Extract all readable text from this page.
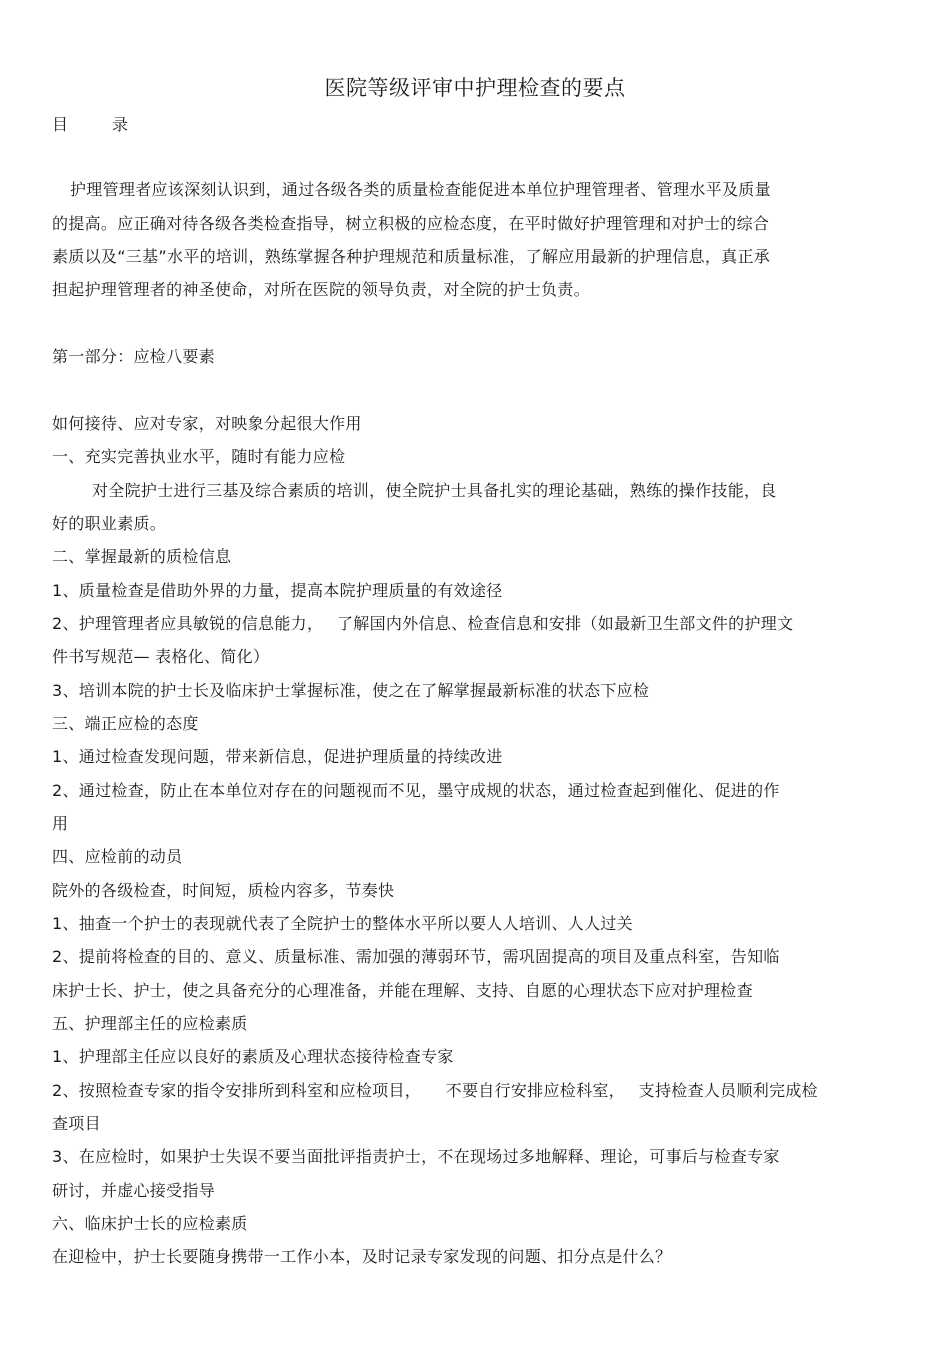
医院等级评审中护理检查的要点
目	录
护理管理者应该深刻认识到，通过各级各类的质量检查能促进本单位护理管理者、管理水平及质量
的提高。应正确对待各级各类检查指导，树立积极的应检态度，在平时做好护理管理和对护士的综合
素质以及“三基”水平的培训，熟练掌握各种护理规范和质量标准，了解应用最新的护理信息，真正承
担起护理管理者的神圣使命，对所在医院的领导负责，对全院的护士负责。
第一部分：应检八要素
如何接待、应对专家，对映象分起很大作用
一、充实完善执业水平，随时有能力应检
对全院护士进行三基及综合素质的培训，使全院护士具备扎实的理论基础，熟练的操作技能，良
好的职业素质。
二、掌握最新的质检信息
1、质量检查是借助外界的力量，提高本院护理质量的有效途径
2、护理管理者应具敏锐的信息能力，　 了解国内外信息、检查信息和安排（如最新卫生部文件的护理文
件书写规范— 表格化、简化）
3、培训本院的护士长及临床护士掌握标准，使之在了解掌握最新标准的状态下应检
三、端正应检的态度
1、通过检查发现问题，带来新信息，促进护理质量的持续改进
2、通过检查，防止在本单位对存在的问题视而不见，墨守成规的状态，通过检查起到催化、促进的作
用
四、应检前的动员
院外的各级检查，时间短，质检内容多，节奏快
1、抽查一个护士的表现就代表了全院护士的整体水平所以要人人培训、人人过关
2、提前将检查的目的、意义、质量标准、需加强的薄弱环节，需巩固提高的项目及重点科室，告知临
床护士长、护士，使之具备充分的心理准备，并能在理解、支持、自愿的心理状态下应对护理检查
五、护理部主任的应检素质
1、护理部主任应以良好的素质及心理状态接待检查专家
2、按照检查专家的指令安排所到科室和应检项目，　　不要自行安排应检科室，　 支持检查人员顺利完成检
查项目
3、在应检时，如果护士失误不要当面批评指责护士，不在现场过多地解释、理论，可事后与检查专家
研讨，并虚心接受指导
六、临床护士长的应检素质
在迎检中，护士长要随身携带一工作小本，及时记录专家发现的问题、扣分点是什么？
